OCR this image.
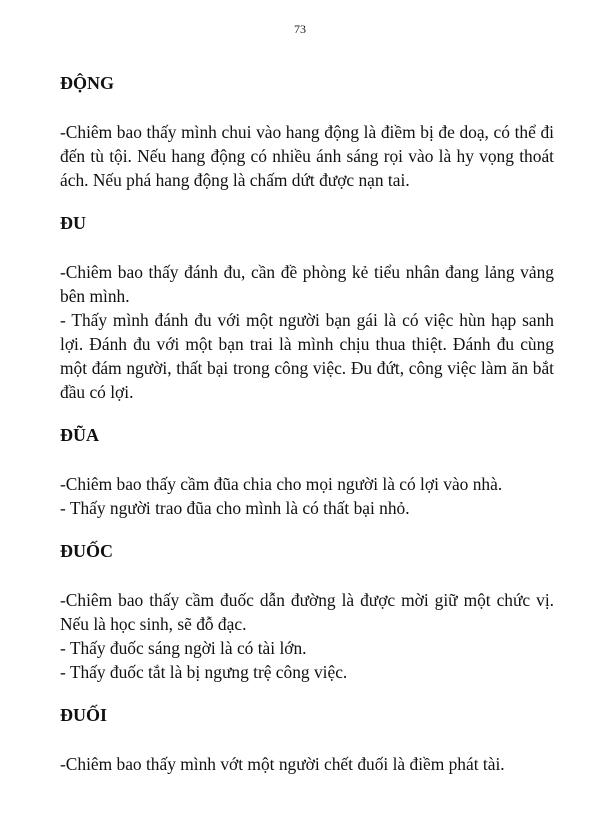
73
ĐỘNG

-Chiêm bao thấy mình chui vào hang động là điềm bị đe doạ, có thể đi đến tù tội. Nếu hang động có nhiều ánh sáng rọi vào là hy vọng thoát ách. Nếu phá hang động là chấm dứt được nạn tai.

ĐU

-Chiêm bao thấy đánh đu, cần đề phòng kẻ tiểu nhân đang lảng vảng bên mình.

- Thấy mình đánh đu với một người bạn gái là có việc hùn hạp sanh lợi. Đánh đu với một bạn trai là mình chịu thua thiệt. Đánh đu cùng một đám người, thất bại trong công việc. Đu đứt, công việc làm ăn bắt đầu có lợi.

ĐŨA

-Chiêm bao thấy cầm đũa chia cho mọi người là có lợi vào nhà.

- Thấy người trao đũa cho mình là có thất bại nhỏ.

ĐUỐC

-Chiêm bao thấy cầm đuốc dẫn đường là được mời giữ một chức vị. Nếu là học sinh, sẽ đỗ đạc.

- Thấy đuốc sáng ngời là có tài lớn.

- Thấy đuốc tắt là bị ngưng trệ công việc.

ĐUỐI

-Chiêm bao thấy mình vớt một người chết đuối là điềm phát tài.
